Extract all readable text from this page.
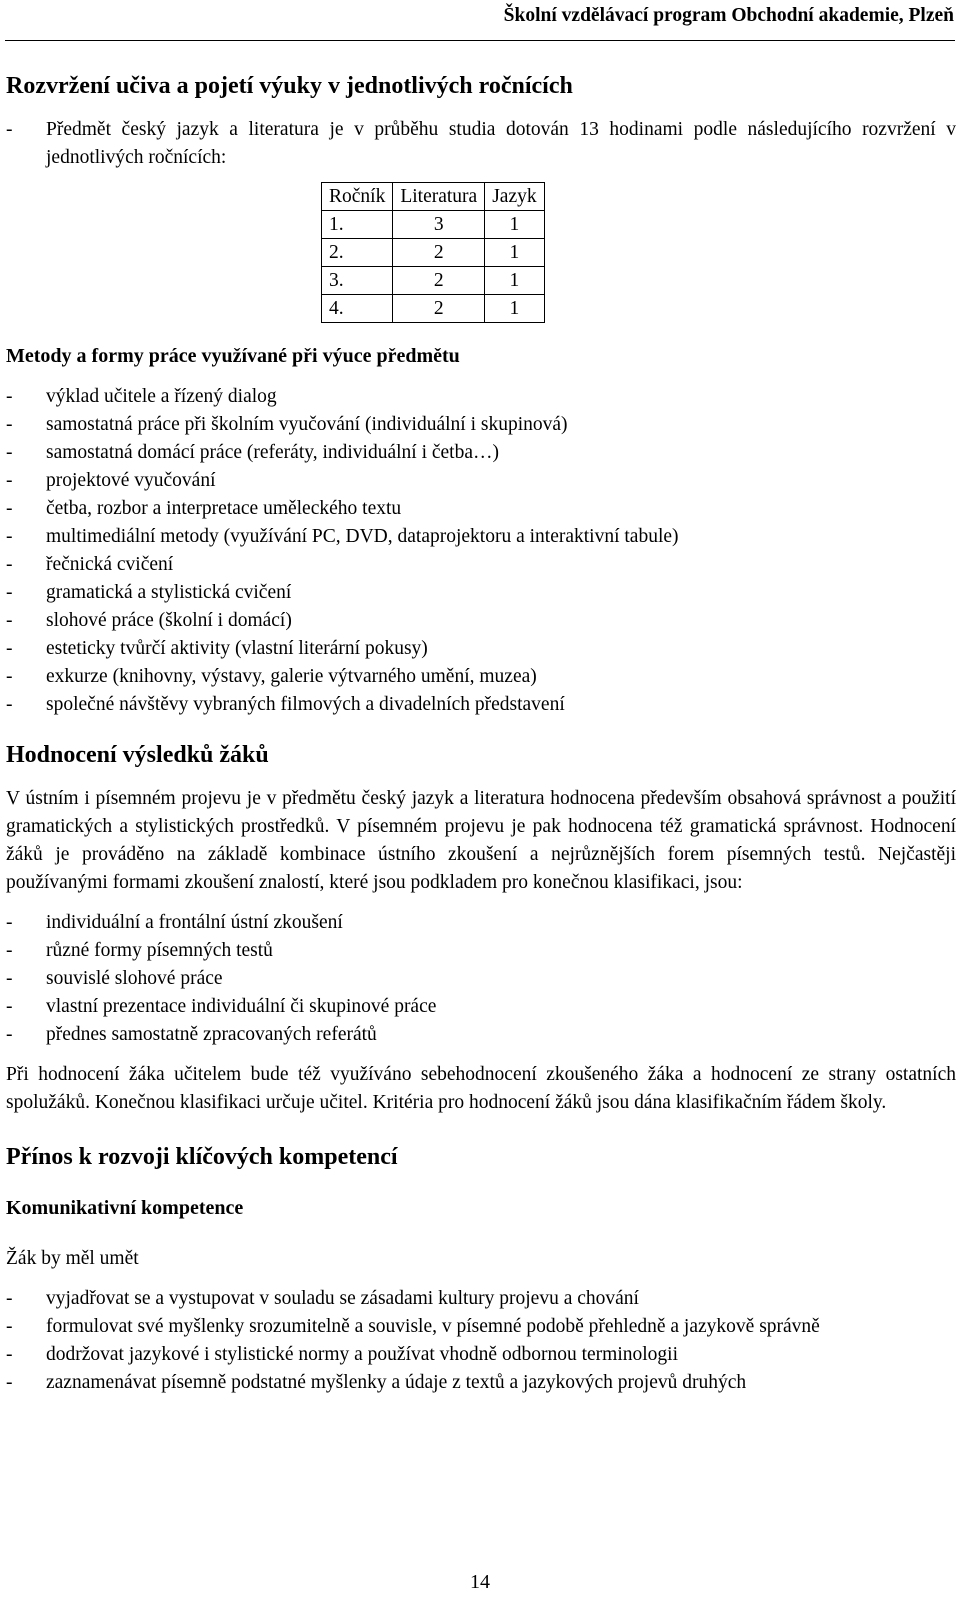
Školní vzdělávací program Obchodní akademie, Plzeň
Rozvržení učiva a pojetí výuky v jednotlivých ročnících
- Předmět český jazyk a literatura je v průběhu studia dotován 13 hodinami podle následujícího rozvržení v jednotlivých ročnících:
Ročník	Literatura	Jazyk
1.	3	1
2.	2	1
3.	2	1
4.	2	1
Metody a formy práce využívané při výuce předmětu
- výklad učitele a řízený dialog
- samostatná práce při školním vyučování (individuální i skupinová)
- samostatná domácí práce (referáty, individuální i četba…)
- projektové vyučování
- četba, rozbor a interpretace uměleckého textu
- multimediální metody (využívání PC, DVD, dataprojektoru a interaktivní tabule)
- řečnická cvičení
- gramatická a stylistická cvičení
- slohové práce (školní i domácí)
- esteticky tvůrčí aktivity (vlastní literární pokusy)
- exkurze (knihovny, výstavy, galerie výtvarného umění, muzea)
- společné návštěvy vybraných filmových a divadelních představení
Hodnocení výsledků žáků

V ústním i písemném projevu je v předmětu český jazyk a literatura hodnocena především obsahová správnost a použití gramatických a stylistických prostředků. V písemném projevu je pak hodnocena též gramatická správnost. Hodnocení žáků je prováděno na základě kombinace ústního zkoušení a nejrůznějších forem písemných testů. Nejčastěji používanými formami zkoušení znalostí, které jsou podkladem pro konečnou klasifikaci, jsou:

- individuální a frontální ústní zkoušení
- různé formy písemných testů
- souvislé slohové práce
- vlastní prezentace individuální či skupinové práce
- přednes samostatně zpracovaných referátů

Při hodnocení žáka učitelem bude též využíváno sebehodnocení zkoušeného žáka a hodnocení ze strany ostatních spolužáků. Konečnou klasifikaci určuje učitel. Kritéria pro hodnocení žáků jsou dána klasifikačním řádem školy.

Přínos k rozvoji klíčových kompetencí
Komunikativní kompetence

Žák by měl umět

- vyjadřovat se a vystupovat v souladu se zásadami kultury projevu a chování
- formulovat své myšlenky srozumitelně a souvisle, v písemné podobě přehledně a jazykově správně
- dodržovat jazykové i stylistické normy a používat vhodně odbornou terminologii
- zaznamenávat písemně podstatné myšlenky a údaje z textů a jazykových projevů druhých
14
